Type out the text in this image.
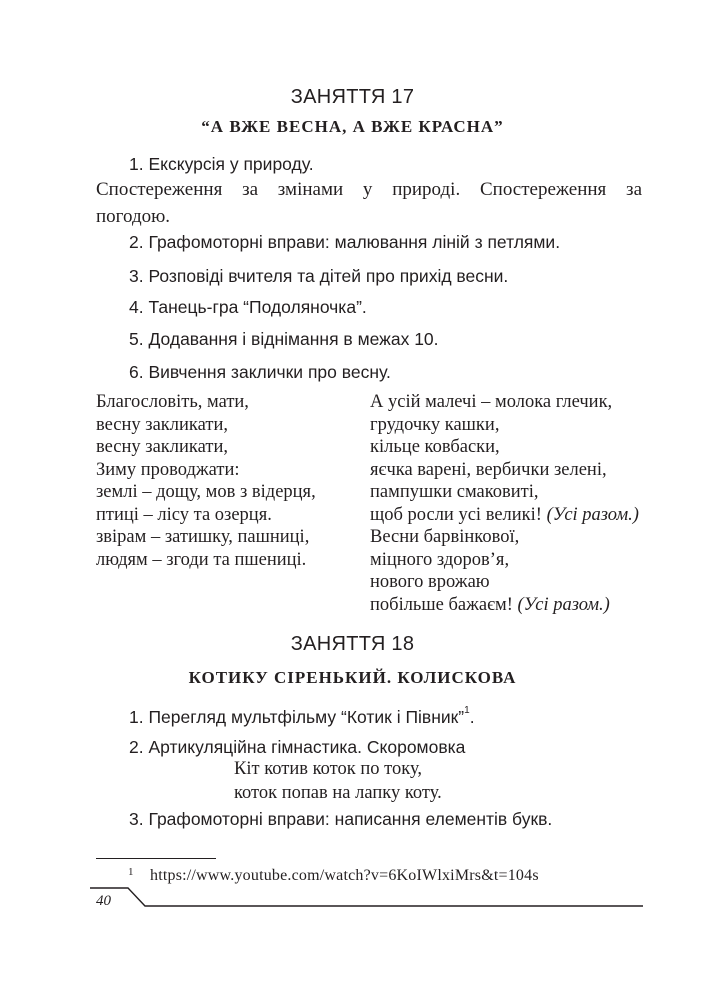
ЗАНЯТТЯ 17
“А ВЖЕ ВЕСНА, А ВЖЕ КРАСНА”
1. Екскурсія у природу.
Спостереження за змінами у природі. Спостереження за
погодою.
2. Графомоторні вправи: малювання ліній з петлями.
3. Розповіді вчителя та дітей про прихід весни.
4. Танець-гра “Подоляночка”.
5. Додавання і віднімання в межах 10.
6. Вивчення заклички про весну.
Благословіть, мати,
весну закликати,
весну закликати,
Зиму проводжати:
землі – дощу, мов з відерця,
птиці – лісу та озерця.
звірам – затишку, пашниці,
людям – згоди та пшениці.
А усій малечі – молока глечик,
грудочку кашки,
кільце ковбаски,
яєчка варені, вербички зелені,
пампушки смаковиті,
щоб росли усі великі! (Усі разом.)
Весни барвінкової,
міцного здоров’я,
нового врожаю
побільше бажаєм! (Усі разом.)
ЗАНЯТТЯ 18
КОТИКУ СІРЕНЬКИЙ. КОЛИСКОВА
1. Перегляд мультфільму “Котик і Півник”$^1$.
2. Артикуляційна гімнастика. Скоромовка
Кіт котив коток по току,
коток попав на лапку коту.
3. Графомоторні вправи: написання елементів букв.
1 https://www.youtube.com/watch?v=6KoIWlxiMrs&t=104s
40
